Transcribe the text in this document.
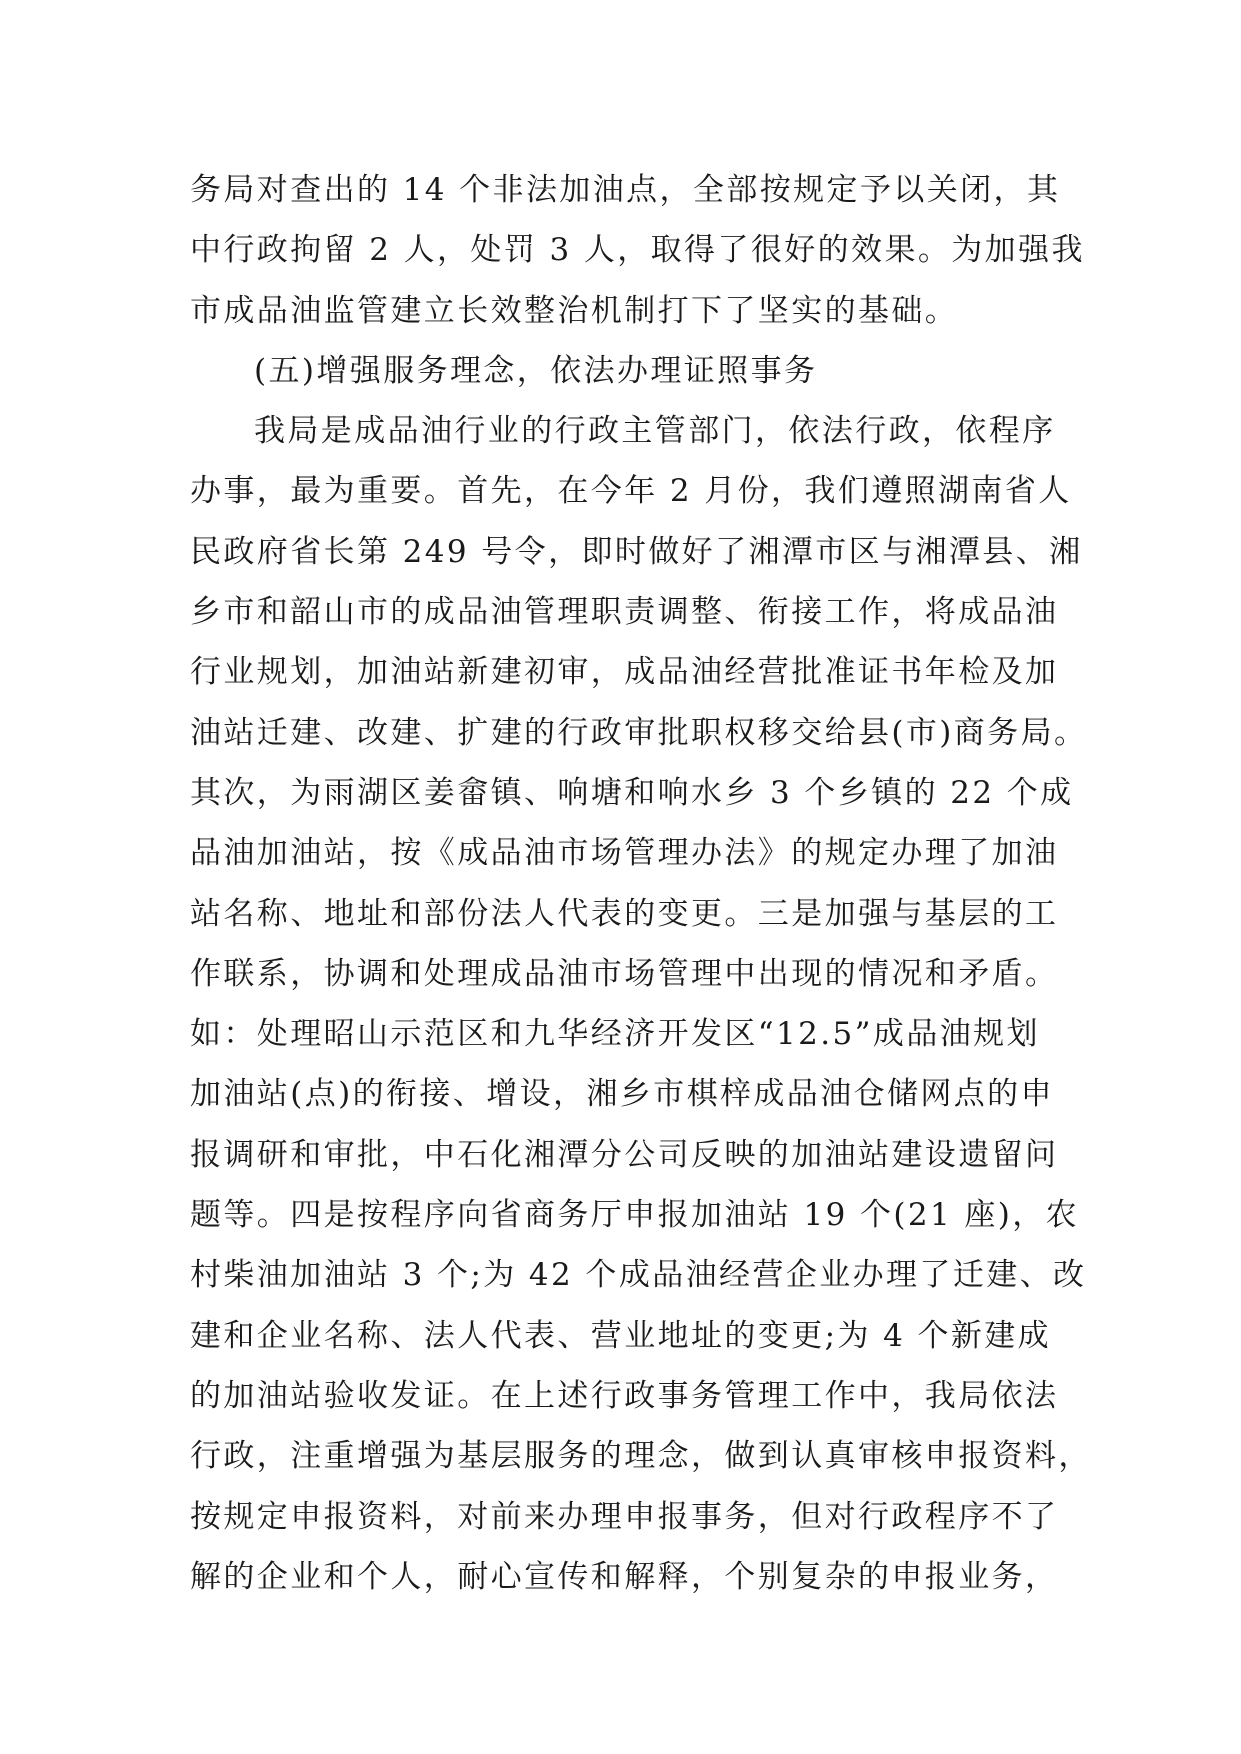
务局对查出的 14 个非法加油点，全部按规定予以关闭，其
中行政拘留 2 人，处罚 3 人，取得了很好的效果。为加强我
市成品油监管建立长效整治机制打下了坚实的基础。
(五)增强服务理念，依法办理证照事务
我局是成品油行业的行政主管部门，依法行政，依程序
办事，最为重要。首先，在今年 2 月份，我们遵照湖南省人
民政府省长第 249 号令，即时做好了湘潭市区与湘潭县、湘
乡市和韶山市的成品油管理职责调整、衔接工作，将成品油
行业规划，加油站新建初审，成品油经营批准证书年检及加
油站迁建、改建、扩建的行政审批职权移交给县(市)商务局。
其次，为雨湖区姜畲镇、响塘和响水乡 3 个乡镇的 22 个成
品油加油站，按《成品油市场管理办法》的规定办理了加油
站名称、地址和部份法人代表的变更。三是加强与基层的工
作联系，协调和处理成品油市场管理中出现的情况和矛盾。
如：处理昭山示范区和九华经济开发区“12.5”成品油规划
加油站(点)的衔接、增设，湘乡市棋梓成品油仓储网点的申
报调研和审批，中石化湘潭分公司反映的加油站建设遗留问
题等。四是按程序向省商务厅申报加油站 19 个(21 座)，农
村柴油加油站 3 个;为 42 个成品油经营企业办理了迁建、改
建和企业名称、法人代表、营业地址的变更;为 4 个新建成
的加油站验收发证。在上述行政事务管理工作中，我局依法
行政，注重增强为基层服务的理念，做到认真审核申报资料，
按规定申报资料，对前来办理申报事务，但对行政程序不了
解的企业和个人，耐心宣传和解释，个别复杂的申报业务，
